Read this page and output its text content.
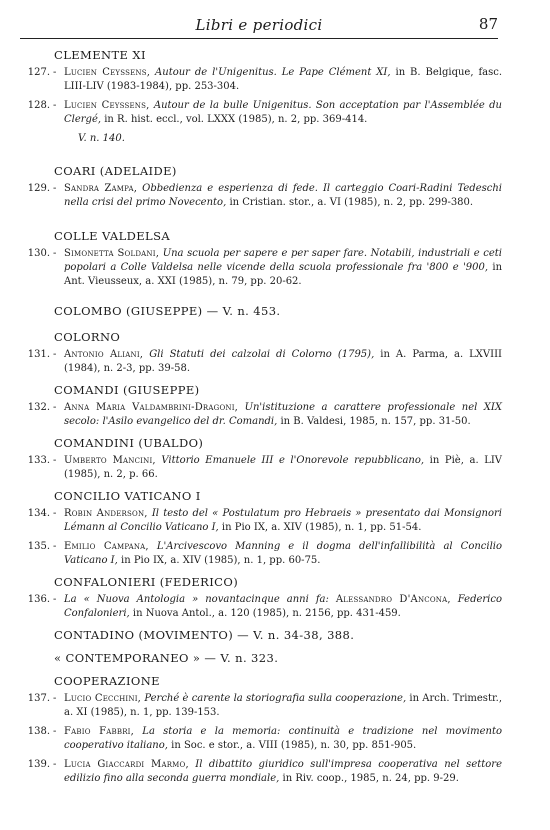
Libri e periodici	87
CLEMENTE XI
127. - Lucien Ceyssens, Autour de l'Unigenitus. Le Pape Clément XI, in B. Belgique, fasc. LIII-LIV (1983-1984), pp. 253-304.
128. - Lucien Ceyssens, Autour de la bulle Unigenitus. Son acceptation par l'Assemblée du Clergé, in R. hist. eccl., vol. LXXX (1985), n. 2, pp. 369-414.
V. n. 140.
COARI (ADELAIDE)
129. - Sandra Zampa, Obbedienza e esperienza di fede. Il carteggio Coari-Radini Tedeschi nella crisi del primo Novecento, in Cristian. stor., a. VI (1985), n. 2, pp. 299-380.
COLLE VALDELSA
130. - Simonetta Soldani, Una scuola per sapere e per saper fare. Notabili, industriali e ceti popolari a Colle Valdelsa nelle vicende della scuola professionale fra '800 e '900, in Ant. Vieusseux, a. XXI (1985), n. 79, pp. 20-62.
COLOMBO (GIUSEPPE) — V. n. 453.
COLORNO
131. - Antonio Aliani, Gli Statuti dei calzolai di Colorno (1795), in A. Parma, a. LXVIII (1984), n. 2-3, pp. 39-58.
COMANDI (GIUSEPPE)
132. - Anna Maria Valdambrini-Dragoni, Un'istituzione a carattere professionale nel XIX secolo: l'Asilo evangelico del dr. Comandi, in B. Valdesi, 1985, n. 157, pp. 31-50.
COMANDINI (UBALDO)
133. - Umberto Mancini, Vittorio Emanuele III e l'Onorevole repubblicano, in Piè, a. LIV (1985), n. 2, p. 66.
CONCILIO VATICANO I
134. - Robin Anderson, Il testo del « Postulatum pro Hebraeis » presentato dai Monsignori Lémann al Concilio Vaticano I, in Pio IX, a. XIV (1985), n. 1, pp. 51-54.
135. - Emilio Campana, L'Arcivescovo Manning e il dogma dell'infallibilità al Concilio Vaticano I, in Pio IX, a. XIV (1985), n. 1, pp. 60-75.
CONFALONIERI (FEDERICO)
136. - La « Nuova Antologia » novantacinque anni fa: Alessandro D'Ancona, Federico Confalonieri, in Nuova Antol., a. 120 (1985), n. 2156, pp. 431-459.
CONTADINO (MOVIMENTO) — V. n. 34-38, 388.
« CONTEMPORANEO » — V. n. 323.
COOPERAZIONE
137. - Lucio Cecchini, Perché è carente la storiografia sulla cooperazione, in Arch. Trimestr., a. XI (1985), n. 1, pp. 139-153.
138. - Fabio Fabbri, La storia e la memoria: continuità e tradizione nel movimento cooperativo italiano, in Soc. e stor., a. VIII (1985), n. 30, pp. 851-905.
139. - Lucia Giaccardi Marmo, Il dibattito giuridico sull'impresa cooperativa nel settore edilizio fino alla seconda guerra mondiale, in Riv. coop., 1985, n. 24, pp. 9-29.
